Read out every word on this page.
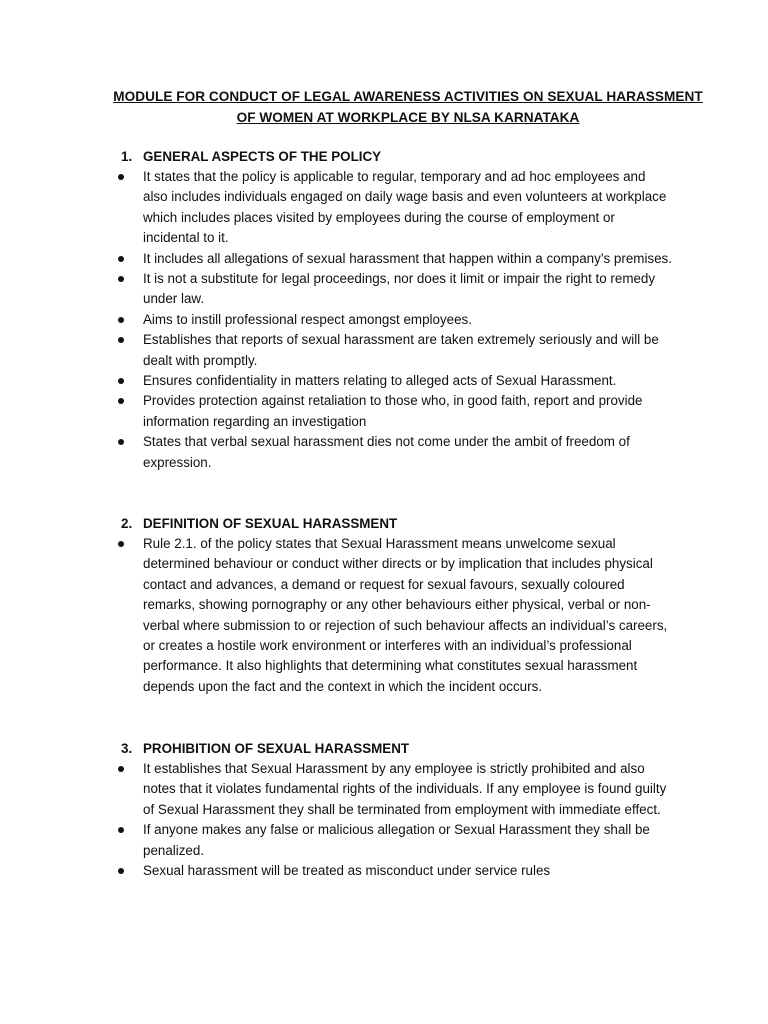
MODULE FOR CONDUCT OF LEGAL AWARENESS ACTIVITIES ON SEXUAL HARASSMENT
OF WOMEN AT WORKPLACE BY NLSA KARNATAKA
1. GENERAL ASPECTS OF THE POLICY
It states that the policy is applicable to regular, temporary and ad hoc employees and also includes individuals engaged on daily wage basis and even volunteers at workplace which includes places visited by employees during the course of employment or incidental to it.
It includes all allegations of sexual harassment that happen within a company’s premises.
It is not a substitute for legal proceedings, nor does it limit or impair the right to remedy under law.
Aims to instill professional respect amongst employees.
Establishes that reports of sexual harassment are taken extremely seriously and will be dealt with promptly.
Ensures confidentiality in matters relating to alleged acts of Sexual Harassment.
Provides protection against retaliation to those who, in good faith, report and provide information regarding an investigation
States that verbal sexual harassment dies not come under the ambit of freedom of expression.
2. DEFINITION OF SEXUAL HARASSMENT
Rule 2.1. of the policy states that Sexual Harassment means unwelcome sexual determined behaviour or conduct wither directs or by implication that includes physical contact and advances, a demand or request for sexual favours, sexually coloured remarks, showing pornography or any other behaviours either physical, verbal or non-verbal where submission to or rejection of such behaviour affects an individual’s careers, or creates a hostile work environment or interferes with an individual’s professional performance. It also highlights that determining what constitutes sexual harassment depends upon the fact and the context in which the incident occurs.
3. PROHIBITION OF SEXUAL HARASSMENT
It establishes that Sexual Harassment by any employee is strictly prohibited and also notes that it violates fundamental rights of the individuals. If any employee is found guilty of Sexual Harassment they shall be terminated from employment with immediate effect.
If anyone makes any false or malicious allegation or Sexual Harassment they shall be penalized.
Sexual harassment will be treated as misconduct under service rules
